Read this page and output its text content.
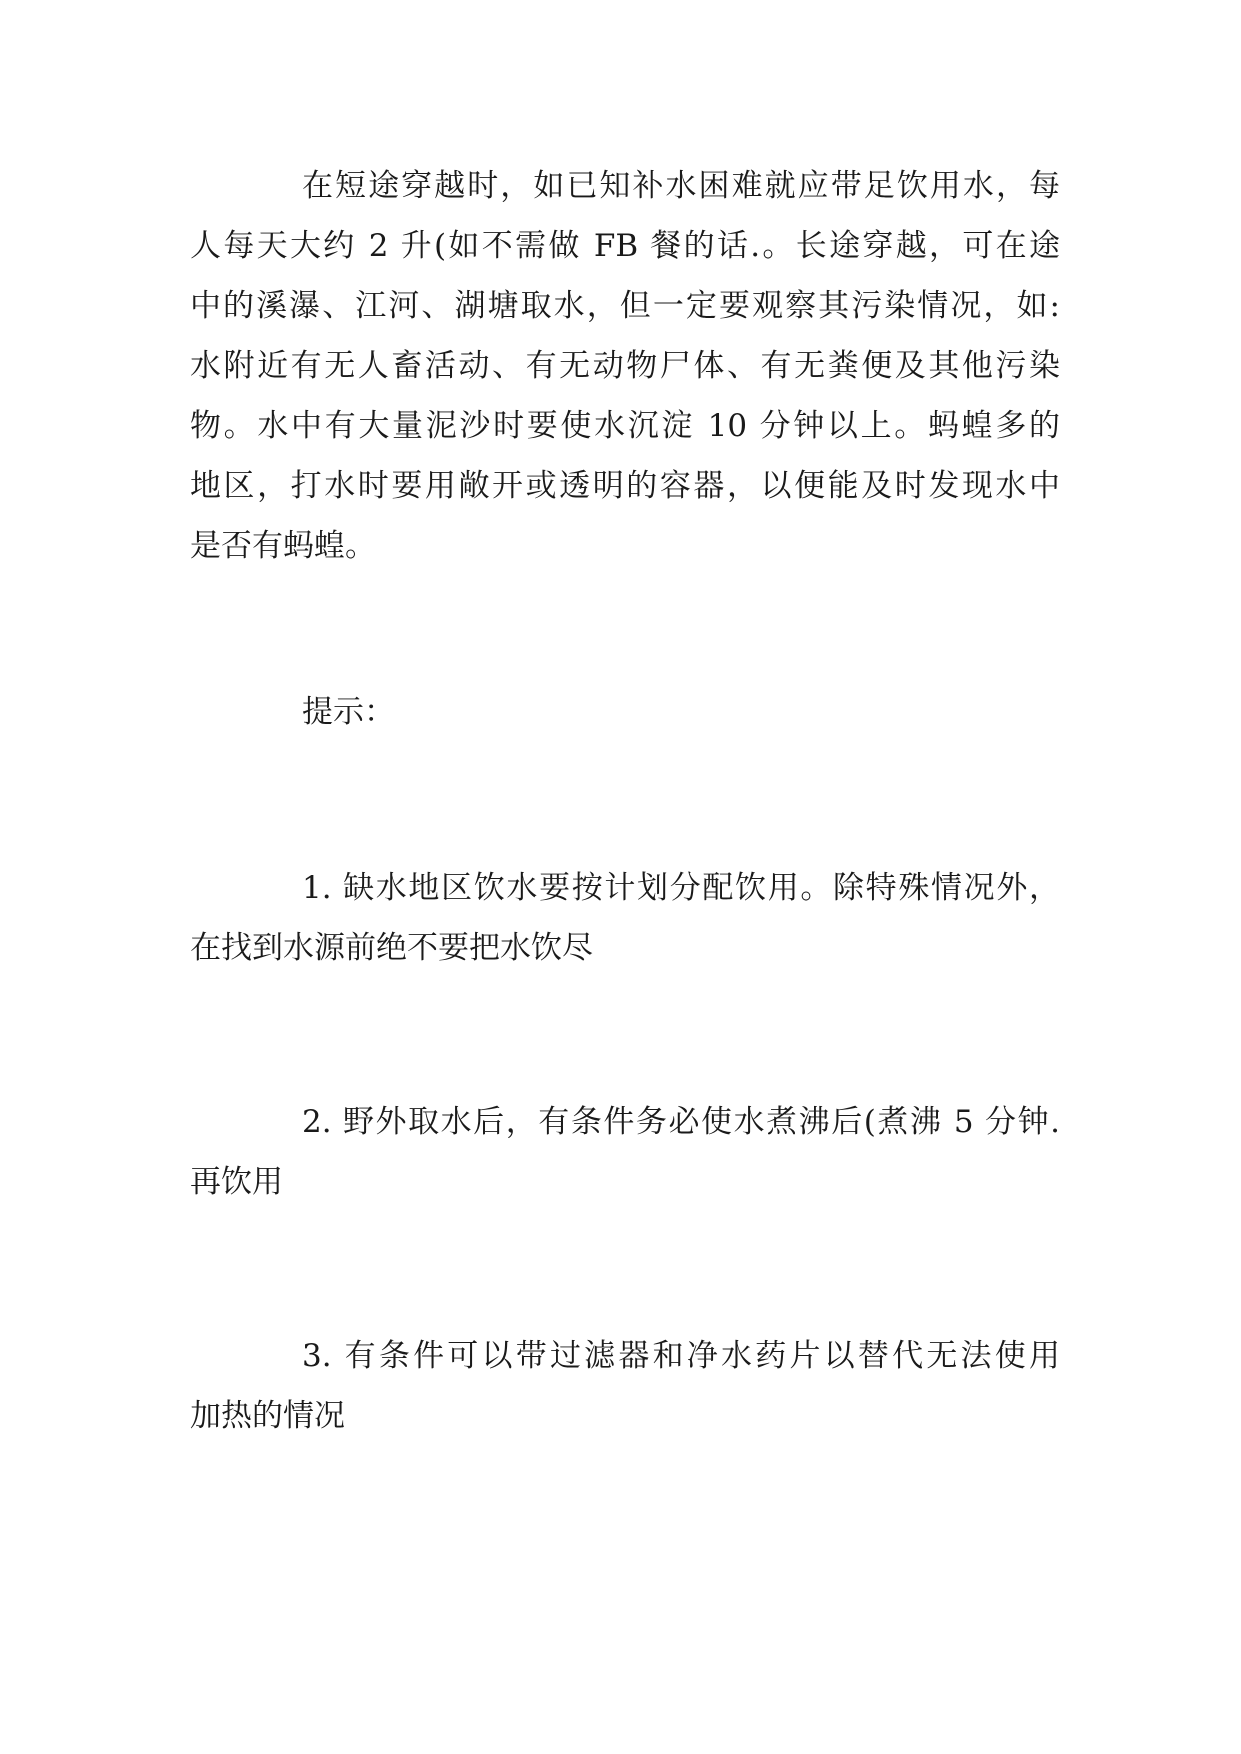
在短途穿越时，如已知补水困难就应带足饮用水，每
人每天大约 2 升(如不需做 FB 餐的话.。长途穿越，可在途
中的溪瀑、江河、湖塘取水，但一定要观察其污染情况，如:
水附近有无人畜活动、有无动物尸体、有无粪便及其他污染
物。水中有大量泥沙时要使水沉淀 10 分钟以上。蚂蝗多的
地区，打水时要用敞开或透明的容器，以便能及时发现水中
是否有蚂蝗。
提示：
1. 缺水地区饮水要按计划分配饮用。除特殊情况外，
在找到水源前绝不要把水饮尽
2. 野外取水后，有条件务必使水煮沸后(煮沸 5 分钟.
再饮用
3. 有条件可以带过滤器和净水药片以替代无法使用
加热的情况
